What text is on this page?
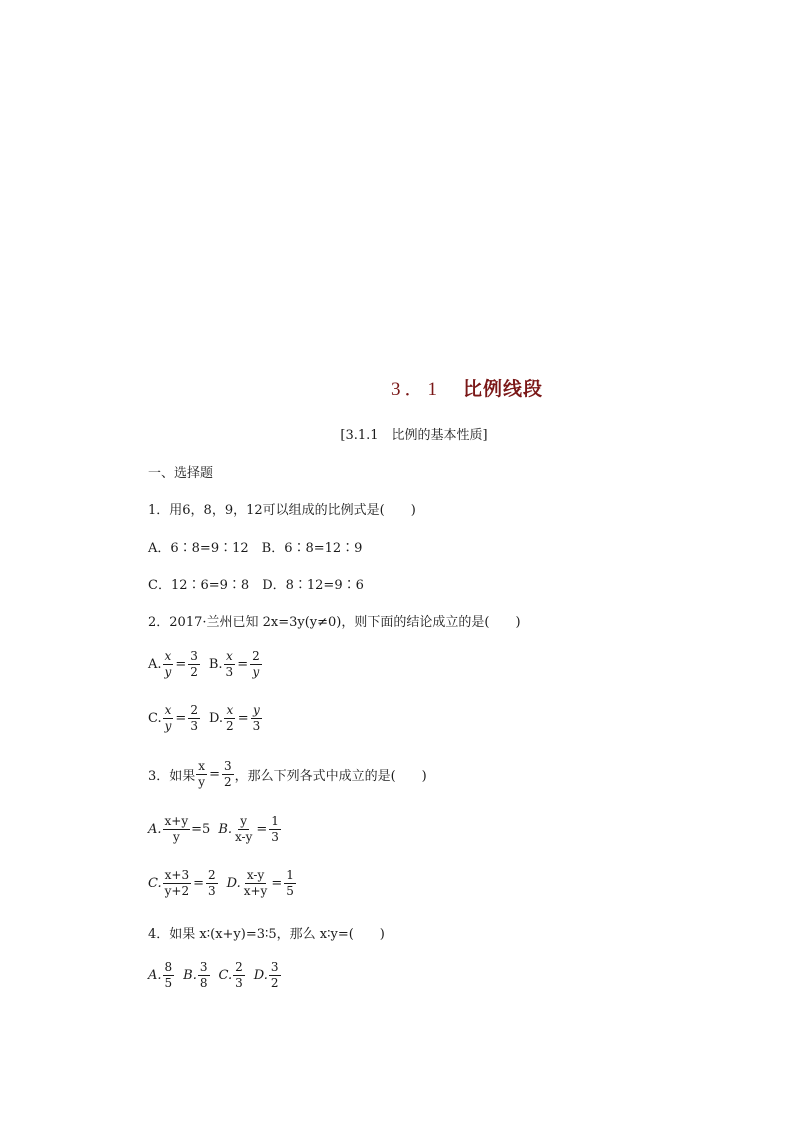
3．1 比例线段
[3.1.1　比例的基本性质]
一、选择题
1．用6，8，9，12可以组成的比例式是(　　)
A．6∶8=9∶12　B．6∶8=12∶9
C．12∶6=9∶8　D．8∶12=9∶6
2．2017·兰州已知 2x=3y(y≠0)，则下面的结论成立的是(　　)
A. $\frac{x}{y} = \frac{3}{2} B$. $\frac{x}{3} = \frac{2}{y}$
C. $\frac{x}{y} = \frac{2}{3} D$. $\frac{x}{2} = \frac{y}{3}$
3．如果 $\frac{x}{y} = \frac{3}{2}$ ，那么下列各式中成立的是(　　)
A. $\frac{x+y}{y} =5$ B. $\frac{y}{x-y} = \frac{1}{3}$
C. $\frac{x+3}{y+2} = \frac{2}{3} D$. $\frac{x-y}{x+y} = \frac{1}{5}$
4．如果 x∶(x+y)=3∶5，那么 x∶y=(　　)
A. $\frac{8}{5} B$. $\frac{3}{8} C$. $\frac{2}{3} D$. $\frac{3}{2}$
